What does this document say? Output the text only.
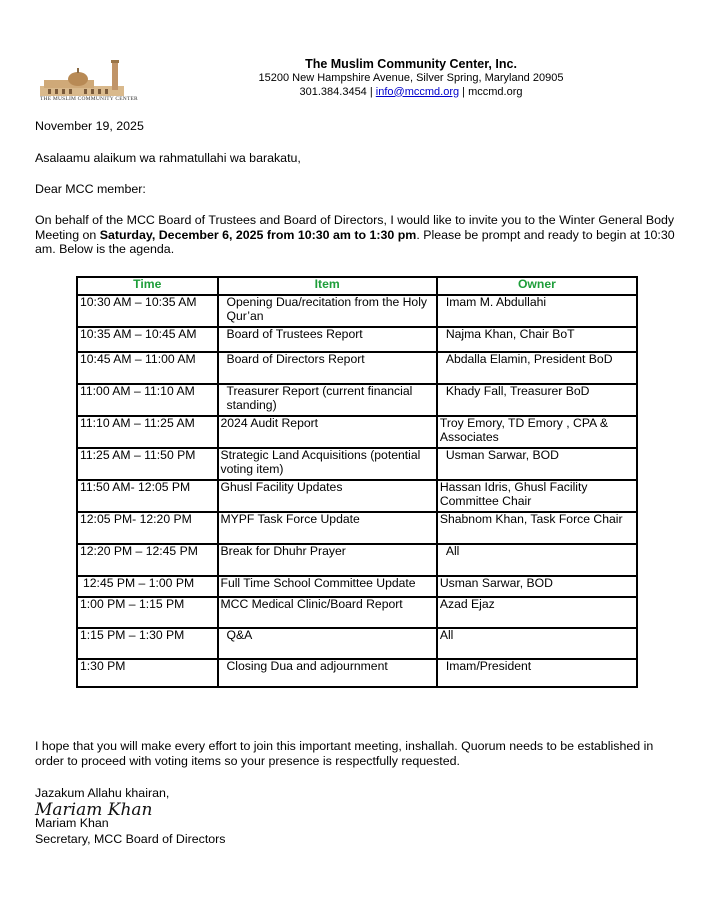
THE MUSLIM COMMUNITY CENTER
The Muslim Community Center, Inc.
15200 New Hampshire Avenue, Silver Spring, Maryland 20905
301.384.3454 | info@mccmd.org | mccmd.org
November 19, 2025
Asalaamu alaikum wa rahmatullahi wa barakatu,
Dear MCC member:
On behalf of the MCC Board of Trustees and Board of Directors, I would like to invite you to the Winter General Body Meeting on Saturday, December 6, 2025 from 10:30 am to 1:30 pm. Please be prompt and ready to begin at 10:30 am. Below is the agenda.
Time	Item	Owner
10:30 AM – 10:35 AM	Opening Dua/recitation from the Holy Qur’an	Imam M. Abdullahi
10:35 AM – 10:45 AM	Board of Trustees Report	Najma Khan, Chair BoT
10:45 AM – 11:00 AM	Board of Directors Report	Abdalla Elamin, President BoD
11:00 AM – 11:10 AM	Treasurer Report (current financial standing)	Khady Fall, Treasurer BoD
11:10 AM – 11:25 AM	2024 Audit Report	Troy Emory, TD Emory , CPA & Associates
11:25 AM – 11:50 PM	Strategic Land Acquisitions (potential voting item)	Usman Sarwar, BOD
11:50 AM- 12:05 PM	Ghusl Facility Updates	Hassan Idris, Ghusl Facility Committee Chair
12:05 PM- 12:20 PM	MYPF Task Force Update	Shabnom Khan, Task Force Chair
12:20 PM – 12:45 PM	Break for Dhuhr Prayer	All
12:45 PM – 1:00 PM	Full Time School Committee Update	Usman Sarwar, BOD
1:00 PM – 1:15 PM	MCC Medical Clinic/Board Report	Azad Ejaz
1:15 PM – 1:30 PM	Q&A	All
1:30 PM	Closing Dua and adjournment	Imam/President
I hope that you will make every effort to join this important meeting, inshallah. Quorum needs to be established in order to proceed with voting items so your presence is respectfully requested.
Jazakum Allahu khairan,
Mariam Khan
Mariam Khan
Secretary, MCC Board of Directors
